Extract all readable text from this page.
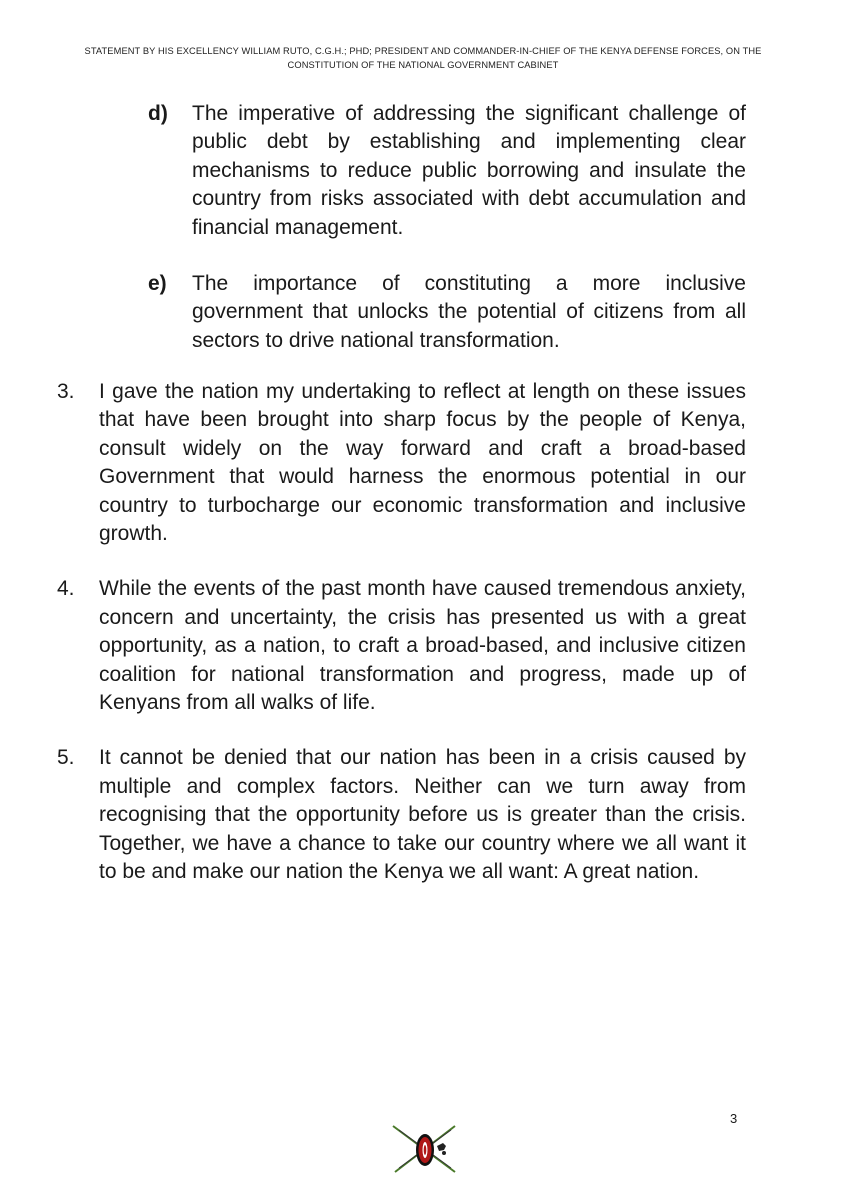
STATEMENT BY HIS EXCELLENCY WILLIAM RUTO, C.G.H.; PHD; PRESIDENT AND COMMANDER-IN-CHIEF OF THE KENYA DEFENSE FORCES, ON THE
CONSTITUTION OF THE NATIONAL GOVERNMENT CABINET
d) The imperative of addressing the significant challenge of public debt by establishing and implementing clear mechanisms to reduce public borrowing and insulate the country from risks associated with debt accumulation and financial management.
e) The importance of constituting a more inclusive government that unlocks the potential of citizens from all sectors to drive national transformation.
3. I gave the nation my undertaking to reflect at length on these issues that have been brought into sharp focus by the people of Kenya, consult widely on the way forward and craft a broad-based Government that would harness the enormous potential in our country to turbocharge our economic transformation and inclusive growth.
4. While the events of the past month have caused tremendous anxiety, concern and uncertainty, the crisis has presented us with a great opportunity, as a nation, to craft a broad-based, and inclusive citizen coalition for national transformation and progress, made up of Kenyans from all walks of life.
5. It cannot be denied that our nation has been in a crisis caused by multiple and complex factors. Neither can we turn away from recognising that the opportunity before us is greater than the crisis. Together, we have a chance to take our country where we all want it to be and make our nation the Kenya we all want: A great nation.
3
